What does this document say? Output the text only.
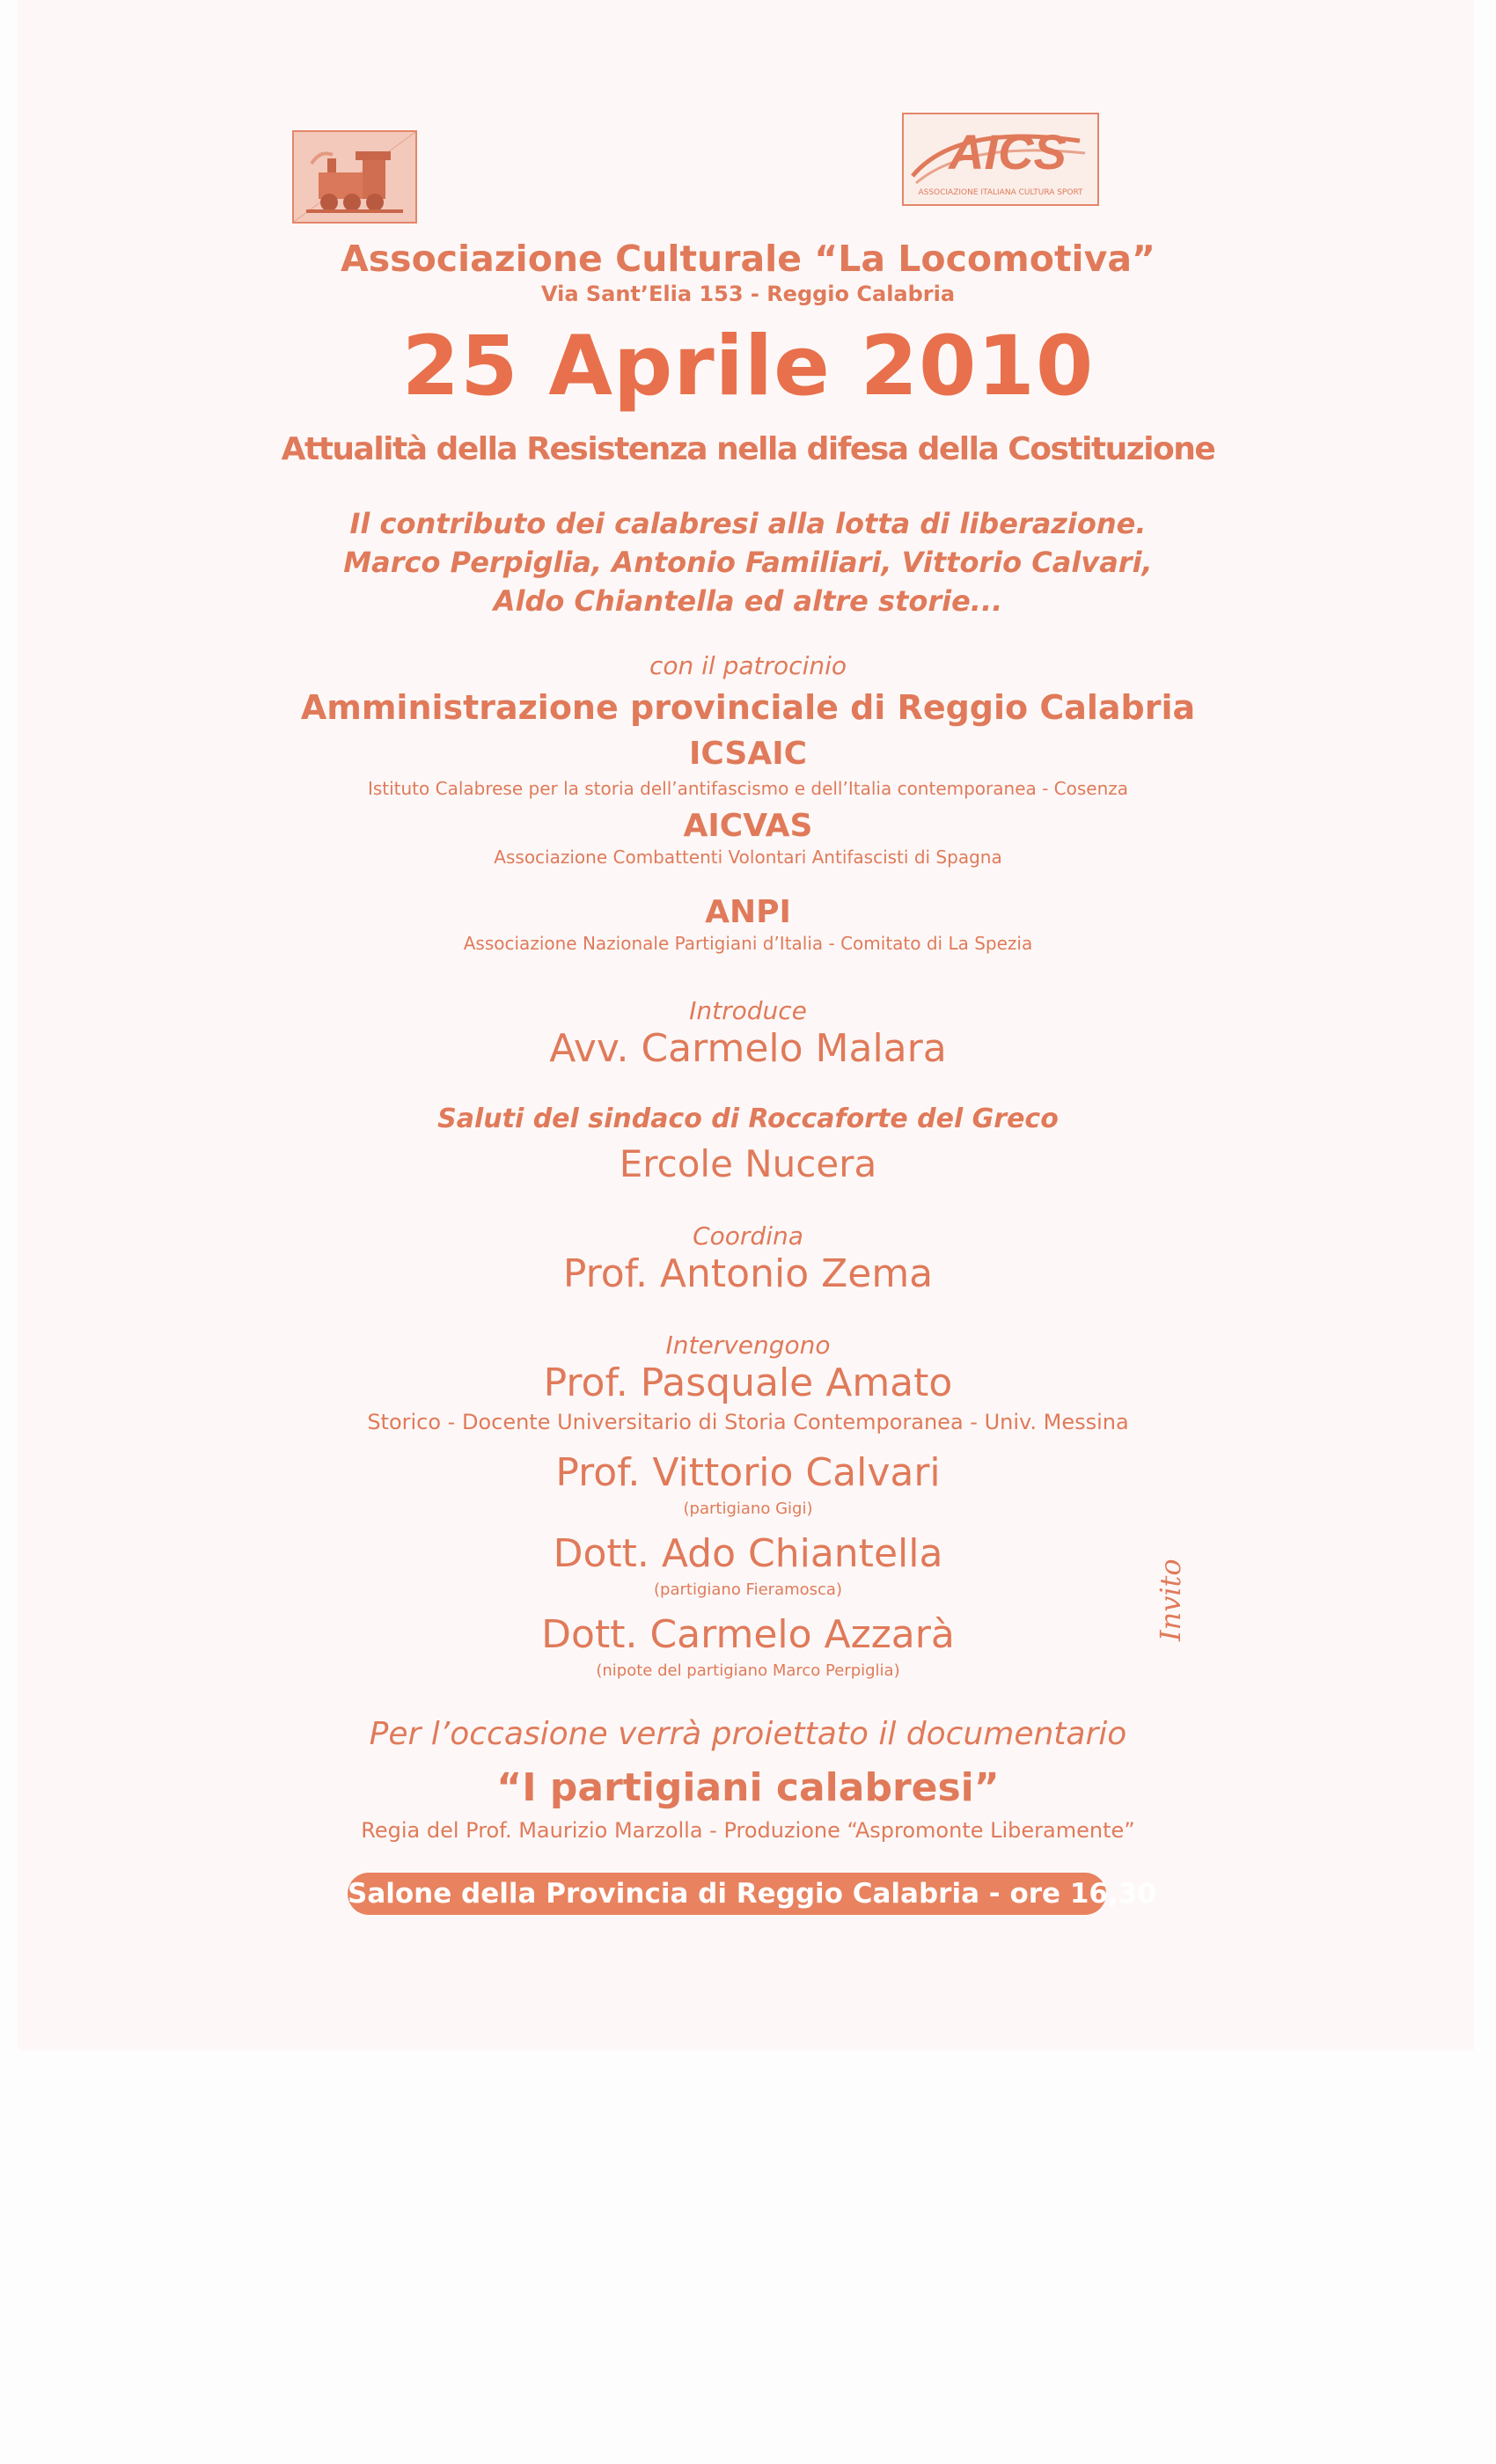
AICS
ASSOCIAZIONE ITALIANA CULTURA SPORT
Associazione Culturale “La Locomotiva”
Via Sant’Elia 153 - Reggio Calabria
25 Aprile 2010
Attualità della Resistenza nella difesa della Costituzione
Il contributo dei calabresi alla lotta di liberazione.
Marco Perpiglia, Antonio Familiari, Vittorio Calvari,
Aldo Chiantella ed altre storie...
con il patrocinio
Amministrazione provinciale di Reggio Calabria
ICSAIC
Istituto Calabrese per la storia dell’antifascismo e dell’Italia contemporanea - Cosenza
AICVAS
Associazione Combattenti Volontari Antifascisti di Spagna
ANPI
Associazione Nazionale Partigiani d’Italia - Comitato di La Spezia
Introduce
Avv. Carmelo Malara
Saluti del sindaco di Roccaforte del Greco
Ercole Nucera
Coordina
Prof. Antonio Zema
Intervengono
Prof. Pasquale Amato
Storico - Docente Universitario di Storia Contemporanea - Univ. Messina
Prof. Vittorio Calvari
(partigiano Gigi)
Dott. Ado Chiantella
(partigiano Fieramosca)
Dott. Carmelo Azzarà
(nipote del partigiano Marco Perpiglia)
Per l’occasione verrà proiettato il documentario
“I partigiani calabresi”
Regia del Prof. Maurizio Marzolla - Produzione “Aspromonte Liberamente”
Salone della Provincia di Reggio Calabria - ore 16,30
Invito
